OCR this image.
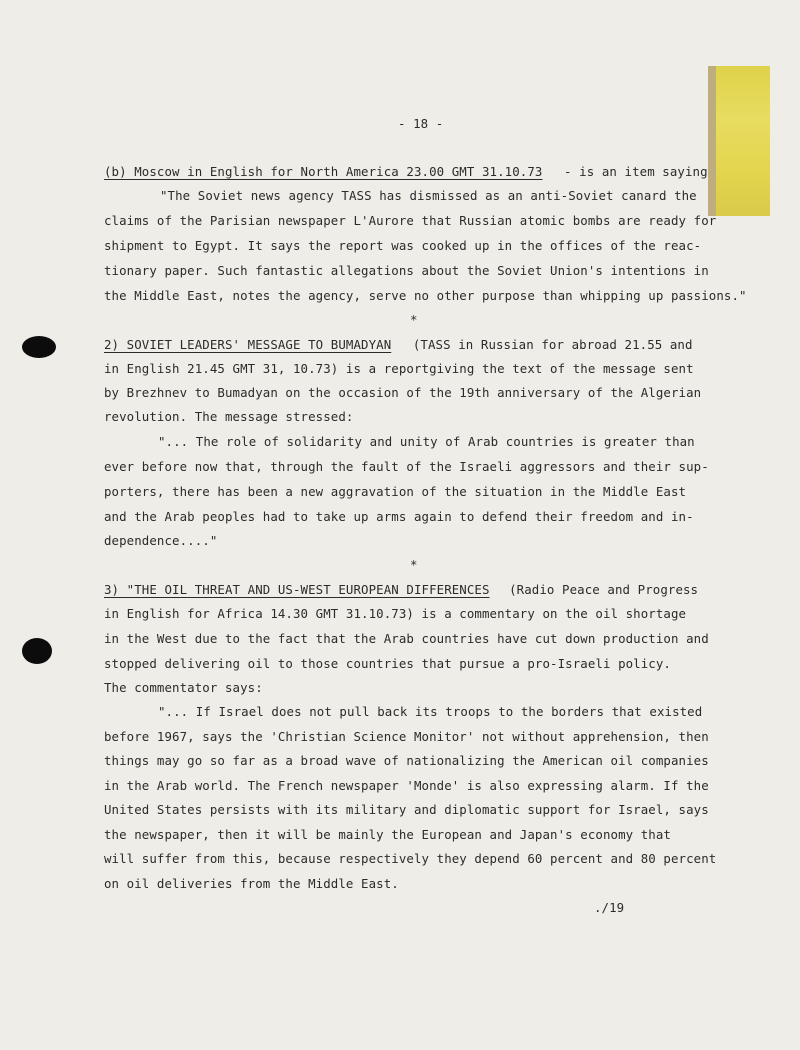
- 18 -
(b) Moscow in English for North America 23.00 GMT 31.10.73 - is an item saying
"The Soviet news agency TASS has dismissed as an anti-Soviet canard the
claims of the Parisian newspaper L'Aurore that Russian atomic bombs are ready for
shipment to Egypt. It says the report was cooked up in the offices of the reac-
tionary paper. Such fantastic allegations about the Soviet Union's intentions in
the Middle East, notes the agency, serve no other purpose than whipping up passions."
*
2) SOVIET LEADERS' MESSAGE TO BUMADYAN (TASS in Russian for abroad 21.55 and
in English 21.45 GMT 31, 10.73) is a reportgiving the text of the message sent
by Brezhnev to Bumadyan on the occasion of the 19th anniversary of the Algerian
revolution. The message stressed:
"... The role of solidarity and unity of Arab countries is greater than
ever before now that, through the fault of the Israeli aggressors and their sup-
porters, there has been a new aggravation of the situation in the Middle East
and the Arab peoples had to take up arms again to defend their freedom and in-
dependence...."
*
3) "THE OIL THREAT AND US-WEST EUROPEAN DIFFERENCES (Radio Peace and Progress
in English for Africa 14.30 GMT 31.10.73) is a commentary on the oil shortage
in the West due to the fact that the Arab countries have cut down production and
stopped delivering oil to those countries that pursue a pro-Israeli policy.
The commentator says:
"... If Israel does not pull back its troops to the borders that existed
before 1967, says the 'Christian Science Monitor' not without apprehension, then
things may go so far as a broad wave of nationalizing the American oil companies
in the Arab world. The French newspaper 'Monde' is also expressing alarm. If the
United States persists with its military and diplomatic support for Israel, says
the newspaper, then it will be mainly the European and Japan's economy that
will suffer from this, because respectively they depend 60 percent and 80 percent
on oil deliveries from the Middle East.
./19
